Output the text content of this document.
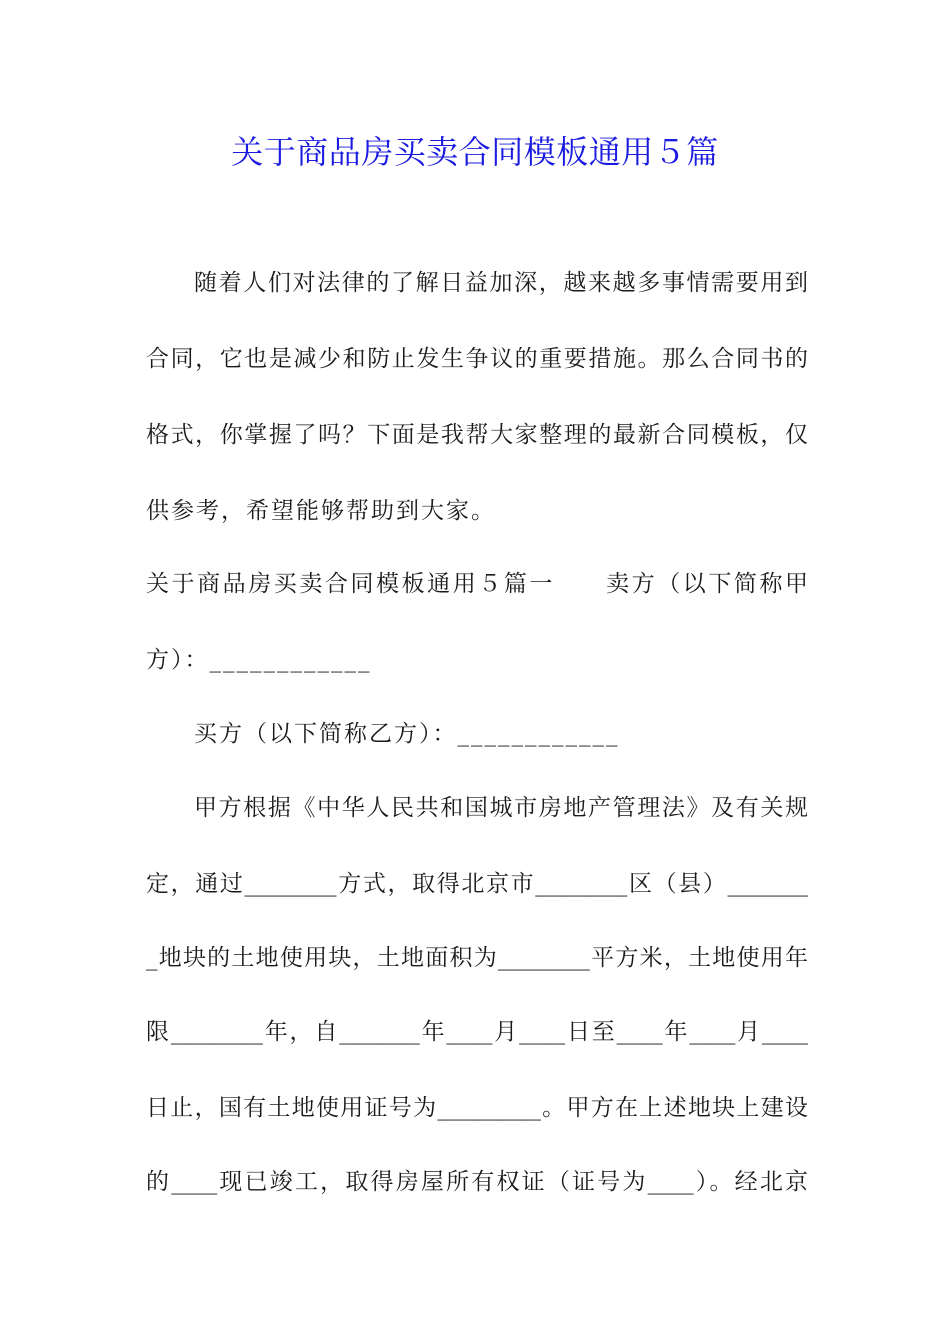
关于商品房买卖合同模板通用５篇
随着人们对法律的了解日益加深，越来越多事情需要用到
合同，它也是减少和防止发生争议的重要措施。那么合同书的
格式，你掌握了吗？下面是我帮大家整理的最新合同模板，仅
供参考，希望能够帮助到大家。
关于商品房买卖合同模板通用５篇一　　卖方（以下简称甲
方）：____________
买方（以下简称乙方）：____________
甲方根据《中华人民共和国城市房地产管理法》及有关规
定，通过________方式，取得北京市________区（县）_______
_地块的土地使用块，土地面积为________平方米，土地使用年
限________年，自_______年____月____日至____年____月____
日止，国有土地使用证号为_________。甲方在上述地块上建设
的____现已竣工，取得房屋所有权证（证号为____）。经北京
